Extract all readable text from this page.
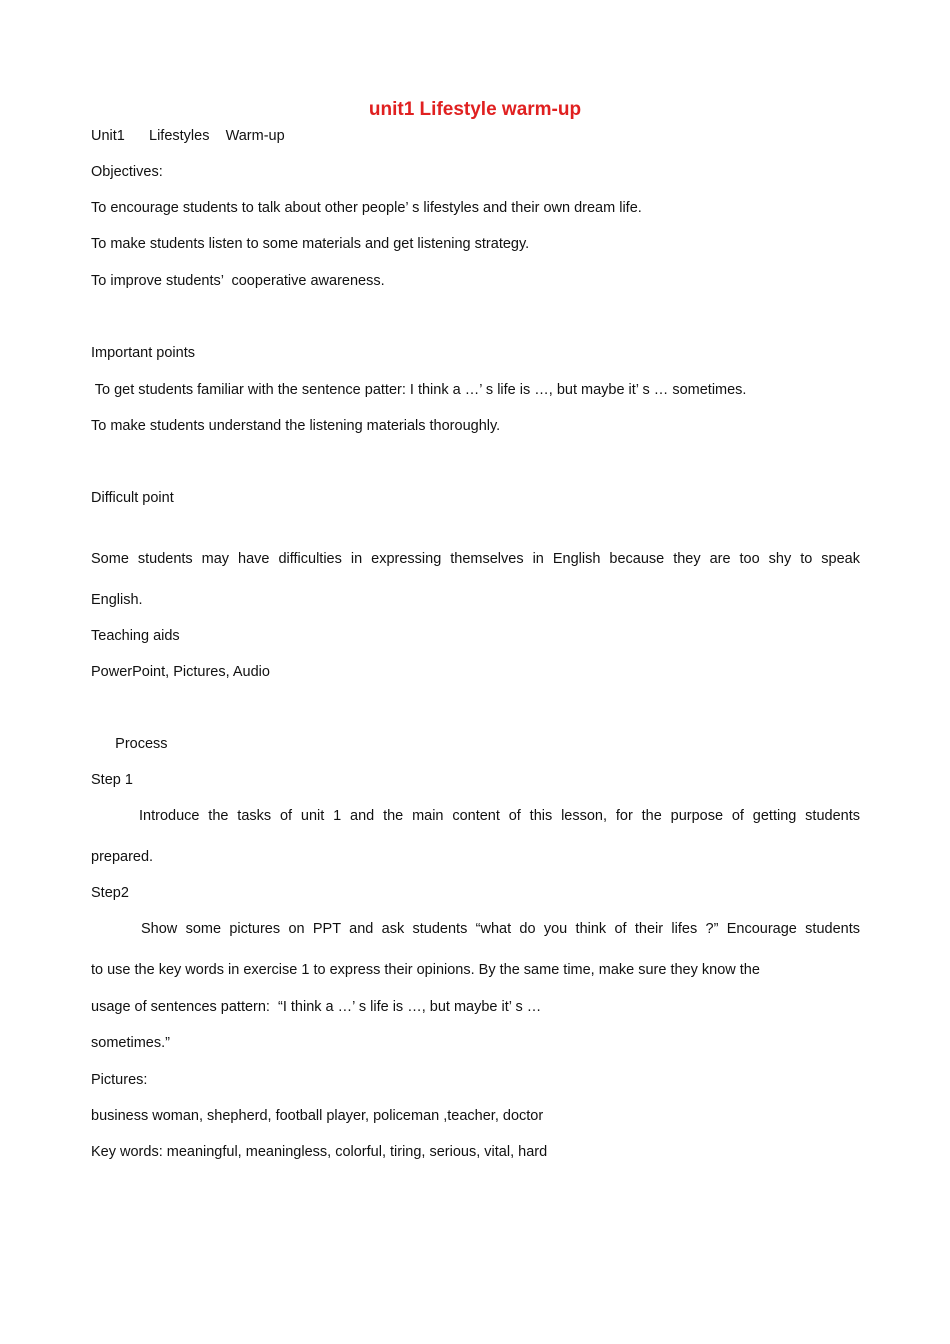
unit1 Lifestyle warm-up

Unit1      Lifestyles    Warm-up

Objectives:

To encourage students to talk about other people’ s lifestyles and their own dream life.

To make students listen to some materials and get listening strategy.

To improve students’  cooperative awareness.

Important points

To get students familiar with the sentence patter: I think a …’ s life is …, but maybe it’ s … sometimes.

To make students understand the listening materials thoroughly.

Difficult point

Some students may have difficulties in expressing themselves in English because they are too shy to speak

English.

Teaching aids

PowerPoint, Pictures, Audio

Process

Step 1

Introduce the tasks of unit 1 and the main content of this lesson, for the purpose of getting students

prepared.

Step2

Show some pictures on PPT and ask students “what do you think of their lifes ?” Encourage students

to use the key words in exercise 1 to express their opinions. By the same time, make sure they know the

usage of sentences pattern:  “I think a …’ s life is …, but maybe it’ s …

sometimes.”

Pictures:

business woman, shepherd, football player, policeman ,teacher, doctor

Key words: meaningful, meaningless, colorful, tiring, serious, vital, hard
